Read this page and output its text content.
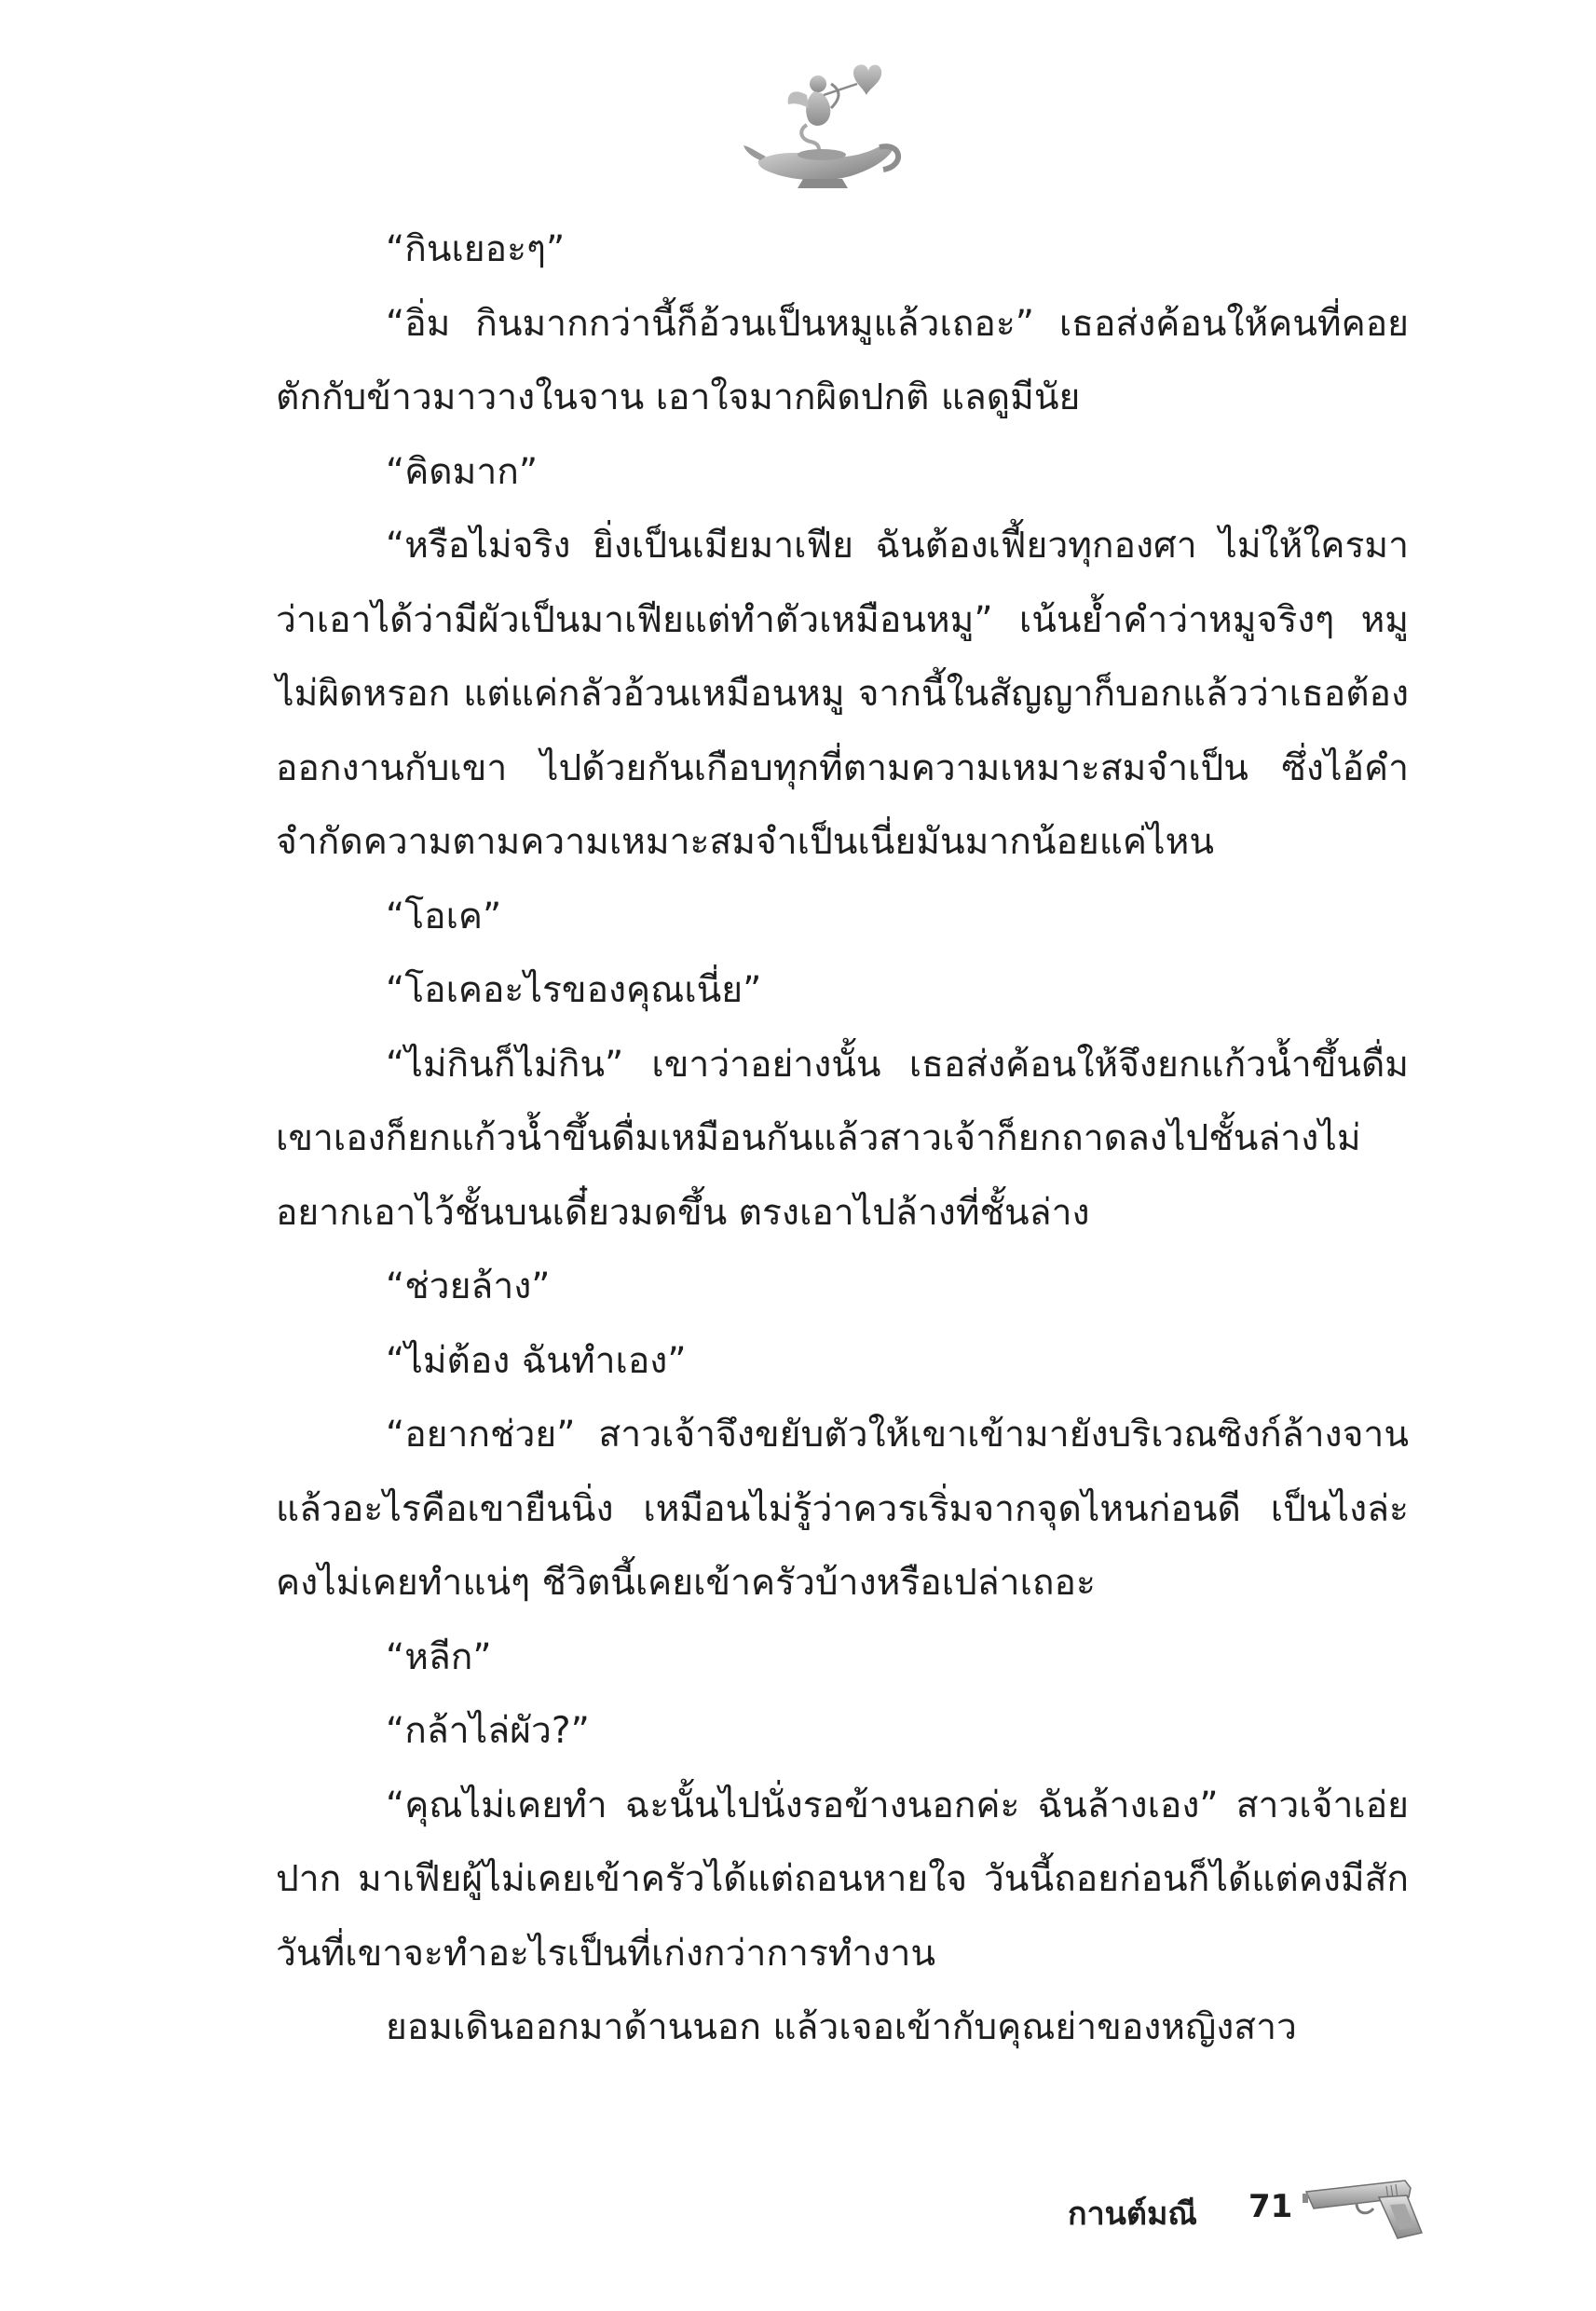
“กินเยอะๆ”

“อิ่ม กินมากกว่านี้ก็อ้วนเป็นหมูแล้วเถอะ” เธอส่งค้อนให้คนที่คอยตักกับข้าวมาวางในจาน เอาใจมากผิดปกติ แลดูมีนัย

“คิดมาก”

“หรือไม่จริง ยิ่งเป็นเมียมาเฟีย ฉันต้องเฟี้ยวทุกองศา ไม่ให้ใครมาว่าเอาได้ว่ามีผัวเป็นมาเฟียแต่ทำตัวเหมือนหมู” เน้นย้ำคำว่าหมูจริงๆ หมูไม่ผิดหรอก แต่แค่กลัวอ้วนเหมือนหมู จากนี้ในสัญญาก็บอกแล้วว่าเธอต้องออกงานกับเขา ไปด้วยกันเกือบทุกที่ตามความเหมาะสมจำเป็น ซึ่งไอ้คำจำกัดความตามความเหมาะสมจำเป็นเนี่ยมันมากน้อยแค่ไหน

“โอเค”

“โอเคอะไรของคุณเนี่ย”

“ไม่กินก็ไม่กิน” เขาว่าอย่างนั้น เธอส่งค้อนให้จึงยกแก้วน้ำขึ้นดื่มเขาเองก็ยกแก้วน้ำขึ้นดื่มเหมือนกันแล้วสาวเจ้าก็ยกถาดลงไปชั้นล่างไม่อยากเอาไว้ชั้นบนเดี๋ยวมดขึ้น ตรงเอาไปล้างที่ชั้นล่าง

“ช่วยล้าง”

“ไม่ต้อง ฉันทำเอง”

“อยากช่วย” สาวเจ้าจึงขยับตัวให้เขาเข้ามายังบริเวณซิงก์ล้างจานแล้วอะไรคือเขายืนนิ่ง เหมือนไม่รู้ว่าควรเริ่มจากจุดไหนก่อนดี เป็นไงล่ะคงไม่เคยทำแน่ๆ ชีวิตนี้เคยเข้าครัวบ้างหรือเปล่าเถอะ

“หลีก”

“กล้าไล่ผัว?”

“คุณไม่เคยทำ ฉะนั้นไปนั่งรอข้างนอกค่ะ ฉันล้างเอง” สาวเจ้าเอ่ยปาก มาเฟียผู้ไม่เคยเข้าครัวได้แต่ถอนหายใจ วันนี้ถอยก่อนก็ได้แต่คงมีสักวันที่เขาจะทำอะไรเป็นที่เก่งกว่าการทำงาน

ยอมเดินออกมาด้านนอก แล้วเจอเข้ากับคุณย่าของหญิงสาว

กานต์มณี 71
